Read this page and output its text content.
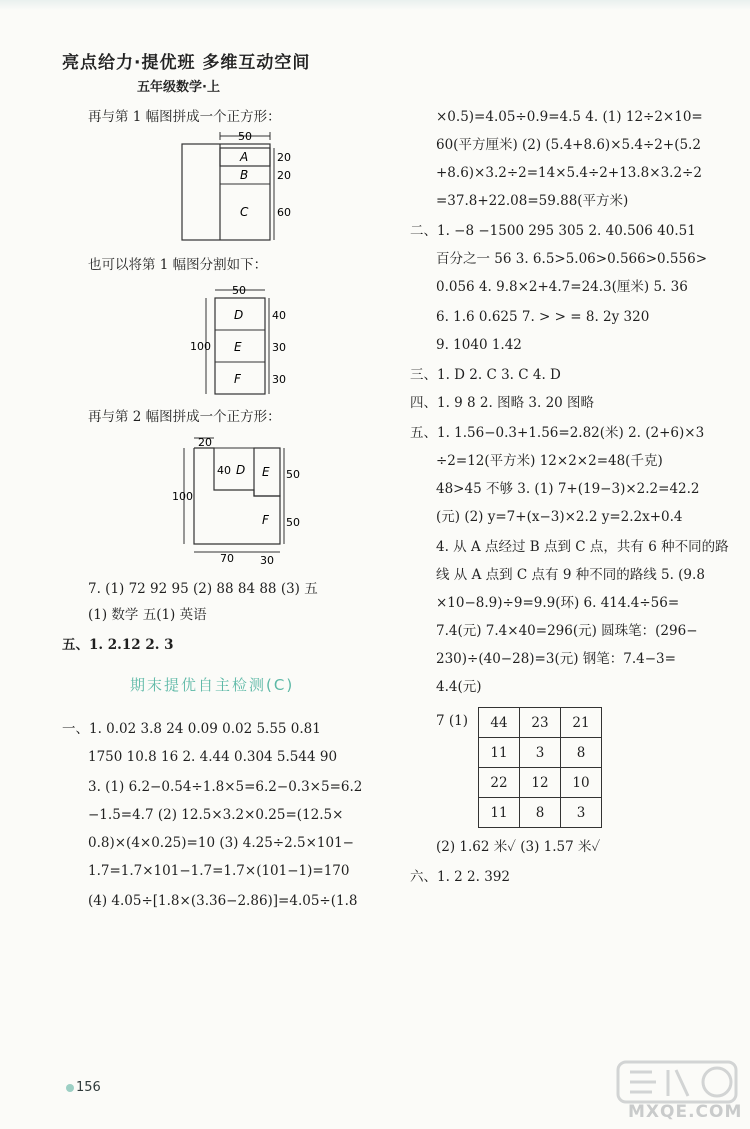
亮点给力·提优班 多维互动空间
五年级数学·上
再与第 1 幅图拼成一个正方形：
50
A
B
C
20
20
60
也可以将第 1 幅图分割如下：
50
100
D
E
F
40
30
30
再与第 2 幅图拼成一个正方形：
20
100
40 D E
F
50
50
70 30
7. (1) 72 92 95 (2) 88 84 88 (3) 五
(1) 数学 五(1) 英语
五、1. 2.12 2. 3
期末提优自主检测(C)
一、1. 0.02 3.8 24 0.09 0.02 5.55 0.81
1750 10.8 16 2. 4.44 0.304 5.544 90
3. (1) 6.2−0.54÷1.8×5=6.2−0.3×5=6.2
−1.5=4.7 (2) 12.5×3.2×0.25=(12.5×
0.8)×(4×0.25)=10 (3) 4.25÷2.5×101−
1.7=1.7×101−1.7=1.7×(101−1)=170
(4) 4.05÷[1.8×(3.36−2.86)]=4.05÷(1.8
×0.5)=4.05÷0.9=4.5 4. (1) 12÷2×10=
60(平方厘米) (2) (5.4+8.6)×5.4÷2+(5.2
+8.6)×3.2÷2=14×5.4÷2+13.8×3.2÷2
=37.8+22.08=59.88(平方米)
二、1. −8 −1500 295 305 2. 40.506 40.51
百分之一 56 3. 6.5>5.06>0.566>0.556>
0.056 4. 9.8×2+4.7=24.3(厘米) 5. 36
6. 1.6 0.625 7. > > = 8. 2y 320
9. 1040 1.42
三、1. D 2. C 3. C 4. D
四、1. 9 8 2. 图略 3. 20 图略
五、1. 1.56−0.3+1.56=2.82(米) 2. (2+6)×3
÷2=12(平方米) 12×2×2=48(千克)
48>45 不够 3. (1) 7+(19−3)×2.2=42.2
(元) (2) y=7+(x−3)×2.2 y=2.2x+0.4
4. 从 A 点经过 B 点到 C 点，共有 6 种不同的路
线 从 A 点到 C 点有 9 种不同的路线 5. (9.8
×10−8.9)÷9=9.9(环) 6. 414.4÷56=
7.4(元) 7.4×40=296(元) 圆珠笔：(296−
230)÷(40−28)=3(元) 钢笔：7.4−3=
4.4(元)
7 (1) 44	23	21
11	3	8
22	12	10
11	8	3
(2) 1.62 米✓ (3) 1.57 米✓
六、1. 2 2. 392
156
MXQE.COM
